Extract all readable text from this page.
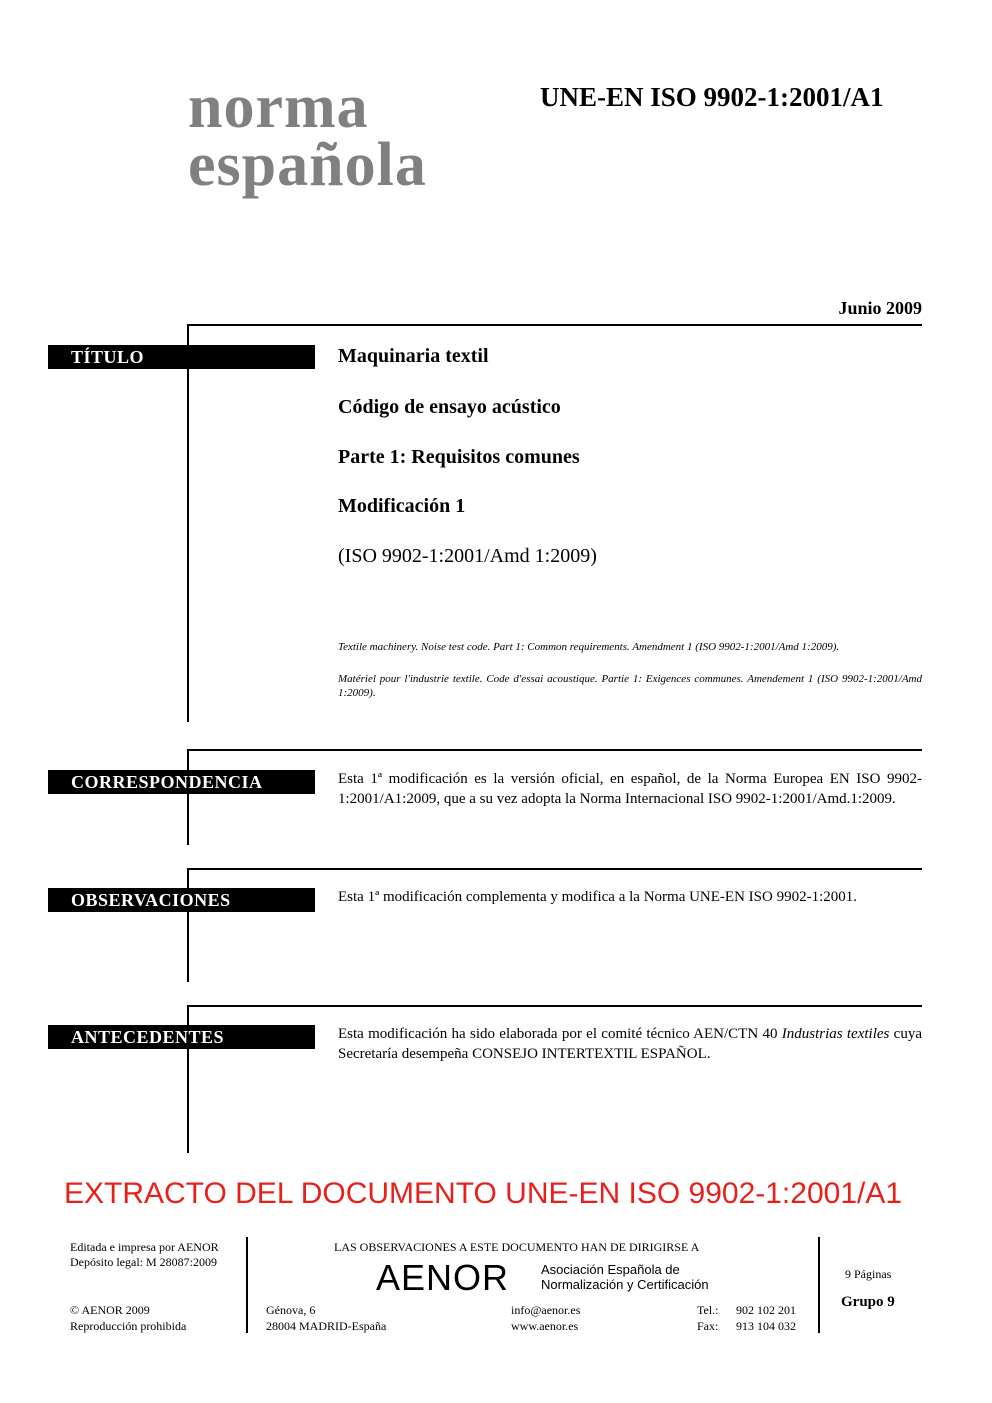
norma
española
UNE-EN ISO 9902-1:2001/A1
Junio 2009
TÍTULO	Maquinaria textil
Código de ensayo acústico
Parte 1: Requisitos comunes
Modificación 1
(ISO 9902-1:2001/Amd 1:2009)
Textile machinery. Noise test code. Part 1: Common requirements. Amendment 1 (ISO 9902-1:2001/Amd 1:2009).
Matériel pour l'industrie textile. Code d'essai acoustique. Partie 1: Exigences communes. Amendement 1 (ISO 9902-1:2001/Amd 1:2009).
CORRESPONDENCIA	Esta 1ª modificación es la versión oficial, en español, de la Norma Europea EN ISO 9902-1:2001/A1:2009, que a su vez adopta la Norma Internacional ISO 9902-1:2001/Amd.1:2009.
OBSERVACIONES	Esta 1ª modificación complementa y modifica a la Norma UNE-EN ISO 9902-1:2001.
ANTECEDENTES	Esta modificación ha sido elaborada por el comité técnico AEN/CTN 40 Industrias textiles cuya Secretaría desempeña CONSEJO INTERTEXTIL ESPAÑOL.
EXTRACTO DEL DOCUMENTO UNE-EN ISO 9902-1:2001/A1
Editada e impresa por AENOR
Depósito legal: M 28087:2009
© AENOR 2009
Reproducción prohibida
LAS OBSERVACIONES A ESTE DOCUMENTO HAN DE DIRIGIRSE A
AENOR Asociación Española de
Normalización y Certificación
Génova, 6
28004 MADRID-España
info@aenor.es
www.aenor.es
Tel.: 902 102 201
Fax: 913 104 032
9 Páginas
Grupo 9
